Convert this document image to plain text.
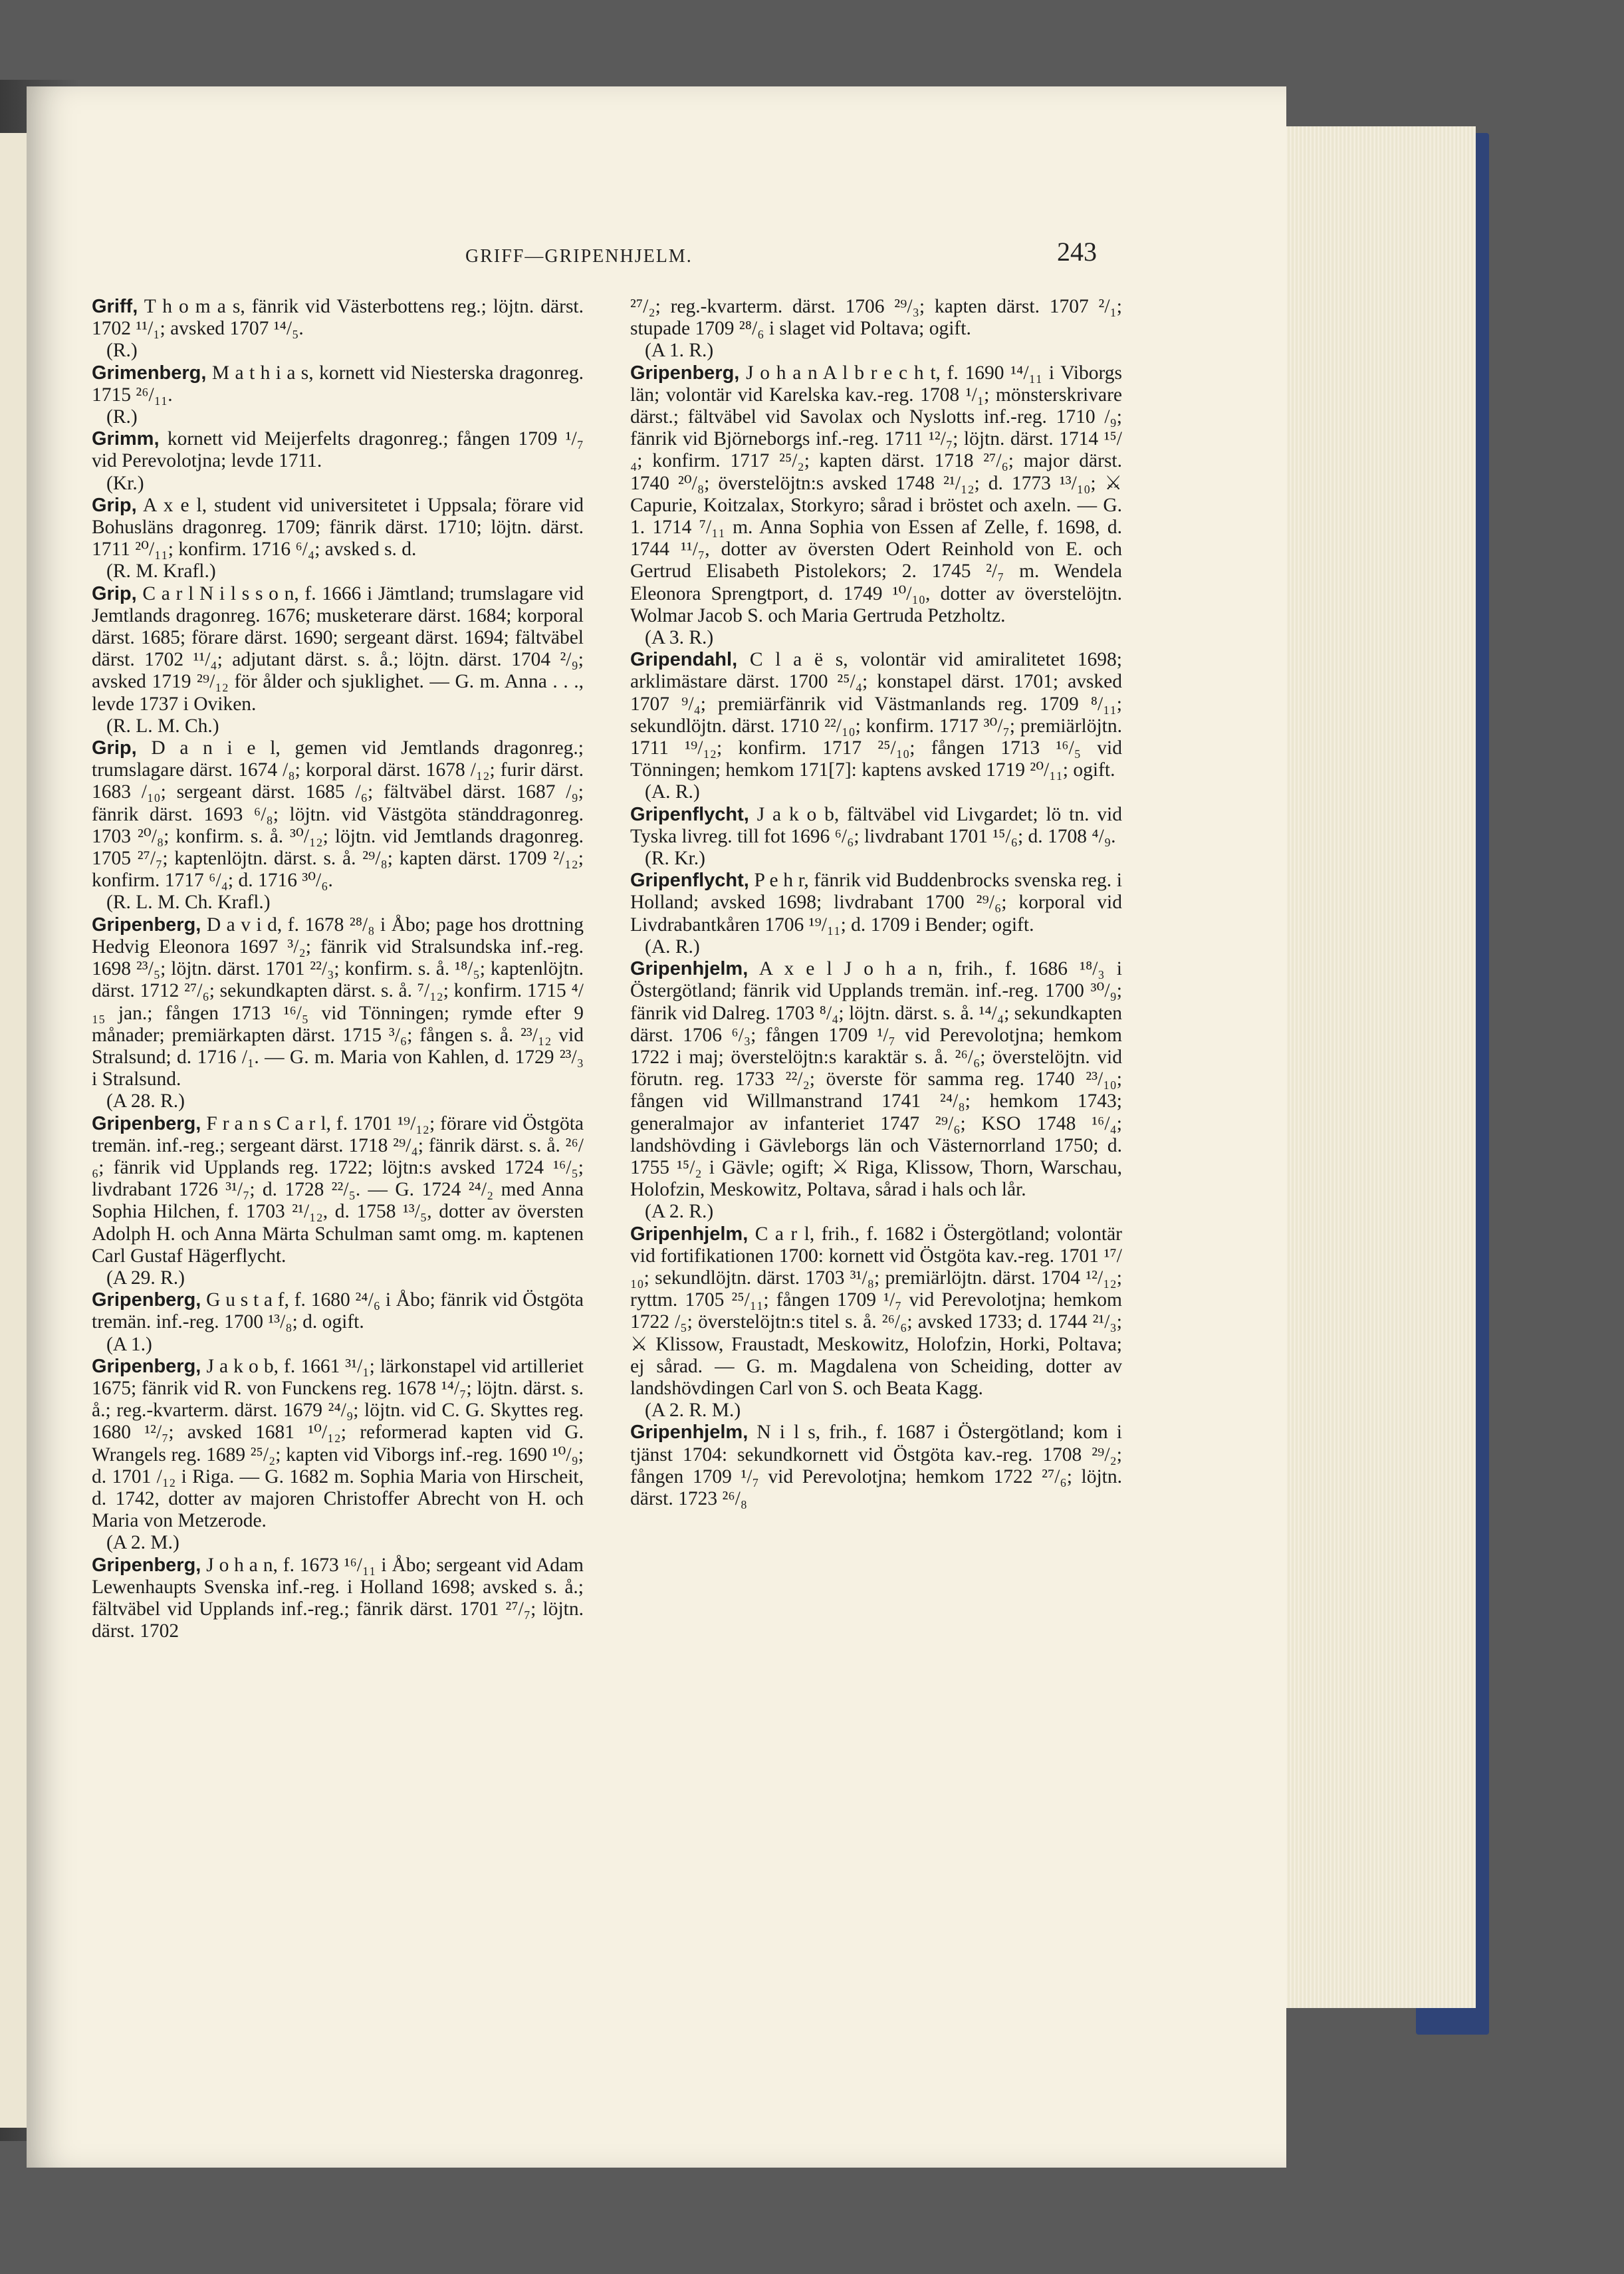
GRIFF—GRIPENHJELM.	243

Griff, T h o m a s, fänrik vid Västerbottens reg.; löjtn. därst. 1702 ¹¹/₁; avsked 1707 ¹⁴/₅.

(R.)

Grimenberg, M a t h i a s, kornett vid Niesterska dragonreg. 1715 ²⁶/₁₁.

(R.)

Grimm, kornett vid Meijerfelts dragonreg.; fången 1709 ¹/₇ vid Perevolotjna; levde 1711.

(Kr.)

Grip, A x e l, student vid universitetet i Uppsala; förare vid Bohusläns dragonreg. 1709; fänrik därst. 1710; löjtn. därst. 1711 ²⁰/₁₁; konfirm. 1716 ⁶/₄; avsked s. d.

(R. M. Krafl.)

Grip, C a r l N i l s s o n, f. 1666 i Jämtland; trumslagare vid Jemtlands dragonreg. 1676; musketerare därst. 1684; korporal därst. 1685; förare därst. 1690; sergeant därst. 1694; fältväbel därst. 1702 ¹¹/₄; adjutant därst. s. å.; löjtn. därst. 1704 ²/₉; avsked 1719 ²⁹/₁₂ för ålder och sjuklighet. — G. m. Anna . . ., levde 1737 i Oviken.

(R. L. M. Ch.)

Grip, D a n i e l, gemen vid Jemtlands dragonreg.; trumslagare därst. 1674 /₈; korporal därst. 1678 /₁₂; furir därst. 1683 /₁₀; sergeant därst. 1685 /₆; fältväbel därst. 1687 /₉; fänrik därst. 1693 ⁶/₈; löjtn. vid Västgöta ständdragonreg. 1703 ²⁰/₈; konfirm. s. å. ³⁰/₁₂; löjtn. vid Jemtlands dragonreg. 1705 ²⁷/₇; kaptenlöjtn. därst. s. å. ²⁹/₈; kapten därst. 1709 ²/₁₂; konfirm. 1717 ⁶/₄; d. 1716 ³⁰/₆.

(R. L. M. Ch. Krafl.)

Gripenberg, D a v i d, f. 1678 ²⁸/₈ i Åbo; page hos drottning Hedvig Eleonora 1697 ³/₂; fänrik vid Stralsundska inf.-reg. 1698 ²³/₅; löjtn. därst. 1701 ²²/₃; konfirm. s. å. ¹⁸/₅; kaptenlöjtn. därst. 1712 ²⁷/₆; sekundkapten därst. s. å. ⁷/₁₂; konfirm. 1715 ⁴/₁₅ jan.; fången 1713 ¹⁶/₅ vid Tönningen; rymde efter 9 månader; premiärkapten därst. 1715 ³/₆; fången s. å. ²³/₁₂ vid Stralsund; d. 1716 /₁. — G. m. Maria von Kahlen, d. 1729 ²³/₃ i Stralsund.

(A 28. R.)

Gripenberg, F r a n s C a r l, f. 1701 ¹⁹/₁₂; förare vid Östgöta tremän. inf.-reg.; sergeant därst. 1718 ²⁹/₄; fänrik därst. s. å. ²⁶/₆; fänrik vid Upplands reg. 1722; löjtn:s avsked 1724 ¹⁶/₅; livdrabant 1726 ³¹/₇; d. 1728 ²²/₅. — G. 1724 ²⁴/₂ med Anna Sophia Hilchen, f. 1703 ²¹/₁₂, d. 1758 ¹³/₅, dotter av översten Adolph H. och Anna Märta Schulman samt omg. m. kaptenen Carl Gustaf Hägerflycht.

(A 29. R.)

Gripenberg, G u s t a f, f. 1680 ²⁴/₆ i Åbo; fänrik vid Östgöta tremän. inf.-reg. 1700 ¹³/₈; d. ogift.

(A 1.)

Gripenberg, J a k o b, f. 1661 ³¹/₁; lärkonstapel vid artilleriet 1675; fänrik vid R. von Funckens reg. 1678 ¹⁴/₇; löjtn. därst. s. å.; reg.-kvarterm. därst. 1679 ²⁴/₉; löjtn. vid C. G. Skyttes reg. 1680 ¹²/₇; avsked 1681 ¹⁰/₁₂; reformerad kapten vid G. Wrangels reg. 1689 ²⁵/₂; kapten vid Viborgs inf.-reg. 1690 ¹⁰/₉; d. 1701 /₁₂ i Riga. — G. 1682 m. Sophia Maria von Hirscheit, d. 1742, dotter av majoren Christoffer Abrecht von H. och Maria von Metzerode.

(A 2. M.)

Gripenberg, J o h a n, f. 1673 ¹⁶/₁₁ i Åbo; sergeant vid Adam Lewenhaupts Svenska inf.-reg. i Holland 1698; avsked s. å.; fältväbel vid Upplands inf.-reg.; fänrik därst. 1701 ²⁷/₇; löjtn. därst. 1702

²⁷/₂; reg.-kvarterm. därst. 1706 ²⁹/₃; kapten därst. 1707 ²/₁; stupade 1709 ²⁸/₆ i slaget vid Poltava; ogift.

(A 1. R.)

Gripenberg, J o h a n A l b r e c h t, f. 1690 ¹⁴/₁₁ i Viborgs län; volontär vid Karelska kav.-reg. 1708 ¹/₁; mönsterskrivare därst.; fältväbel vid Savolax och Nyslotts inf.-reg. 1710 /₉; fänrik vid Björneborgs inf.-reg. 1711 ¹²/₇; löjtn. därst. 1714 ¹⁵/₄; konfirm. 1717 ²⁵/₂; kapten därst. 1718 ²⁷/₆; major därst. 1740 ²⁰/₈; överstelöjtn:s avsked 1748 ²¹/₁₂; d. 1773 ¹³/₁₀; ⚔ Capurie, Koitzalax, Storkyro; sårad i bröstet och axeln. — G. 1. 1714 ⁷/₁₁ m. Anna Sophia von Essen af Zelle, f. 1698, d. 1744 ¹¹/₇, dotter av översten Odert Reinhold von E. och Gertrud Elisabeth Pistolekors; 2. 1745 ²/₇ m. Wendela Eleonora Sprengtport, d. 1749 ¹⁰/₁₀, dotter av överstelöjtn. Wolmar Jacob S. och Maria Gertruda Petzholtz.

(A 3. R.)

Gripendahl, C l a ë s, volontär vid amiralitetet 1698; arklimästare därst. 1700 ²⁵/₄; konstapel därst. 1701; avsked 1707 ⁹/₄; premiärfänrik vid Västmanlands reg. 1709 ⁸/₁₁; sekundlöjtn. därst. 1710 ²²/₁₀; konfirm. 1717 ³⁰/₇; premiärlöjtn. 1711 ¹⁹/₁₂; konfirm. 1717 ²⁵/₁₀; fången 1713 ¹⁶/₅ vid Tönningen; hemkom 171[7]: kaptens avsked 1719 ²⁰/₁₁; ogift.

(A. R.)

Gripenflycht, J a k o b, fältväbel vid Livgardet; lö tn. vid Tyska livreg. till fot 1696 ⁶/₆; livdrabant 1701 ¹⁵/₆; d. 1708 ⁴/₉.

(R. Kr.)

Gripenflycht, P e h r, fänrik vid Buddenbrocks svenska reg. i Holland; avsked 1698; livdrabant 1700 ²⁹/₆; korporal vid Livdrabantkåren 1706 ¹⁹/₁₁; d. 1709 i Bender; ogift.

(A. R.)

Gripenhjelm, A x e l J o h a n, frih., f. 1686 ¹⁸/₃ i Östergötland; fänrik vid Upplands tremän. inf.-reg. 1700 ³⁰/₉; fänrik vid Dalreg. 1703 ⁸/₄; löjtn. därst. s. å. ¹⁴/₄; sekundkapten därst. 1706 ⁶/₃; fången 1709 ¹/₇ vid Perevolotjna; hemkom 1722 i maj; överstelöjtn:s karaktär s. å. ²⁶/₆; överstelöjtn. vid förutn. reg. 1733 ²²/₂; överste för samma reg. 1740 ²³/₁₀; fången vid Willmanstrand 1741 ²⁴/₈; hemkom 1743; generalmajor av infanteriet 1747 ²⁹/₆; KSO 1748 ¹⁶/₄; landshövding i Gävleborgs län och Västernorrland 1750; d. 1755 ¹⁵/₂ i Gävle; ogift; ⚔ Riga, Klissow, Thorn, Warschau, Holofzin, Meskowitz, Poltava, sårad i hals och lår.

(A 2. R.)

Gripenhjelm, C a r l, frih., f. 1682 i Östergötland; volontär vid fortifikationen 1700: kornett vid Östgöta kav.-reg. 1701 ¹⁷/₁₀; sekundlöjtn. därst. 1703 ³¹/₈; premiärlöjtn. därst. 1704 ¹²/₁₂; ryttm. 1705 ²⁵/₁₁; fången 1709 ¹/₇ vid Perevolotjna; hemkom 1722 /₅; överstelöjtn:s titel s. å. ²⁶/₆; avsked 1733; d. 1744 ²¹/₃; ⚔ Klissow, Fraustadt, Meskowitz, Holofzin, Horki, Poltava; ej sårad. — G. m. Magdalena von Scheiding, dotter av landshövdingen Carl von S. och Beata Kagg.

(A 2. R. M.)

Gripenhjelm, N i l s, frih., f. 1687 i Östergötland; kom i tjänst 1704: sekundkornett vid Östgöta kav.-reg. 1708 ²⁹/₂; fången 1709 ¹/₇ vid Perevolotjna; hemkom 1722 ²⁷/₆; löjtn. därst. 1723 ²⁶/₈
